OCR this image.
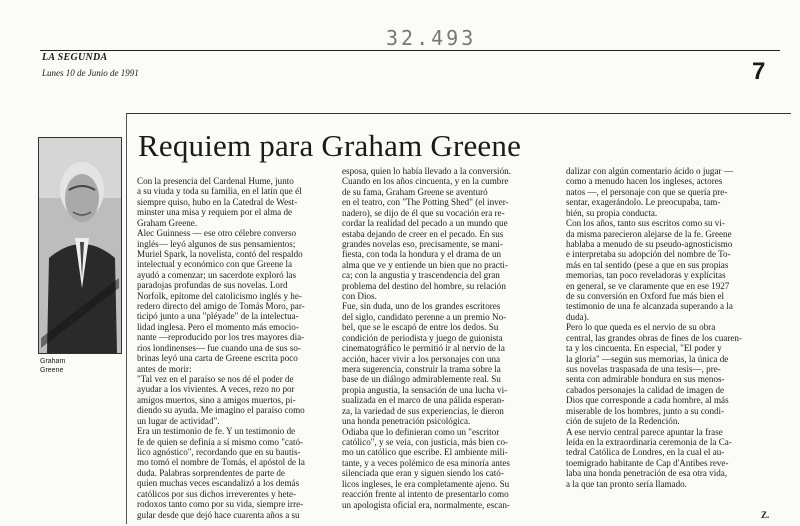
32.493
LA SEGUNDA
Lunes 10 de Junio de 1991	7
Requiem para Graham Greene
Graham Greene
Con la presencia del Cardenal Hume, junto
a su viuda y toda su familia, en el latín que él
siempre quiso, hubo en la Catedral de West-
minster una misa y requiem por el alma de
Graham Greene.
Alec Guinness — ese otro célebre converso
inglés— leyó algunos de sus pensamientos;
Muriel Spark, la novelista, contó del respaldo
intelectual y económico con que Greene la
ayudó a comenzar; un sacerdote exploró las
paradojas profundas de sus novelas. Lord
Norfolk, epítome del catolicismo inglés y he-
redero directo del amigo de Tomás Moro, par-
ticipó junto a una "pléyade" de la intelectua-
lidad inglesa. Pero el momento más emocio-
nante —reproducido por los tres mayores dia-
rios londinenses— fue cuando una de sus so-
brinas leyó una carta de Greene escrita poco
antes de morir:
"Tal vez en el paraíso se nos dé el poder de
ayudar a los vivientes. A veces, rezo no por
amigos muertos, sino a amigos muertos, pi-
diendo su ayuda. Me imagino el paraíso como
un lugar de actividad".
Era un testimonio de fe. Y un testimonio de
fe de quien se definía a sí mismo como "cató-
lico agnóstico", recordando que en su bautis-
mo tomó el nombre de Tomás, el apóstol de la
duda. Palabras sorprendentes de parte de
quien muchas veces escandalizó a los demás
católicos por sus dichos irreverentes y hete-
rodoxos tanto como por su vida, siempre irre-
gular desde que dejó hace cuarenta años a su
esposa, quien lo había llevado a la conversión.
Cuando en los años cincuenta, y en la cumbre
de su fama, Graham Greene se aventuró
en el teatro, con "The Potting Shed" (el inver-
nadero), se dijo de él que su vocación era re-
cordar la realidad del pecado a un mundo que
estaba dejando de creer en el pecado. En sus
grandes novelas eso, precisamente, se mani-
fiesta, con toda la hondura y el drama de un
alma que ve y entiende un bien que no practi-
ca; con la angustia y trascendencia del gran
problema del destino del hombre, su relación
con Dios.
Fue, sin duda, uno de los grandes escritores
del siglo, candidato perenne a un premio No-
bel, que se le escapó de entre los dedos. Su
condición de periodista y juego de guionista
cinematográfico le permitió ir al nervio de la
acción, hacer vivir a los personajes con una
mera sugerencia, construir la trama sobre la
base de un diálogo admirablemente real. Su
propia angustia, la sensación de una lucha vi-
sualizada en el marco de una pálida esperan-
za, la variedad de sus experiencias, le dieron
una honda penetración psicológica.
Odiaba que lo definieran como un "escritor
católico", y se veía, con justicia, más bien co-
mo un católico que escribe. El ambiente mili-
tante, y a veces polémico de esa minoría antes
silenciada que eran y siguen siendo los cató-
licos ingleses, le era completamente ajeno. Su
reacción frente al intento de presentarlo como
un apologista oficial era, normalmente, escan-
dalizar con algún comentario ácido o jugar —
como a menudo hacen los ingleses, actores
natos —, el personaje con que se quería pre-
sentar, exagerándolo. Le preocupaba, tam-
bién, su propia conducta.
Con los años, tanto sus escritos como su vi-
da misma parecieron alejarse de la fe. Greene
hablaba a menudo de su pseudo-agnosticismo
e interpretaba su adopción del nombre de To-
más en tal sentido (pese a que en sus propias
memorias, tan poco reveladoras y explícitas
en general, se ve claramente que en ese 1927
de su conversión en Oxford fue más bien el
testimonio de una fe alcanzada superando a la
duda).
Pero lo que queda es el nervio de su obra
central, las grandes obras de fines de los cuaren-
ta y los cincuenta. En especial, "El poder y
la gloria" —según sus memorias, la única de
sus novelas traspasada de una tesis—, pre-
senta con admirable hondura en sus menos-
cabados personajes la calidad de imagen de
Dios que corresponde a cada hombre, al más
miserable de los hombres, junto a su condi-
ción de sujeto de la Redención.
A ese nervio central parece apuntar la frase
leída en la extraordinaria ceremonia de la Ca-
tedral Católica de Londres, en la cual el au-
toemigrado habitante de Cap d'Antibes reve-
laba una honda penetración de esa otra vida,
a la que tan pronto sería llamado.
Z.
